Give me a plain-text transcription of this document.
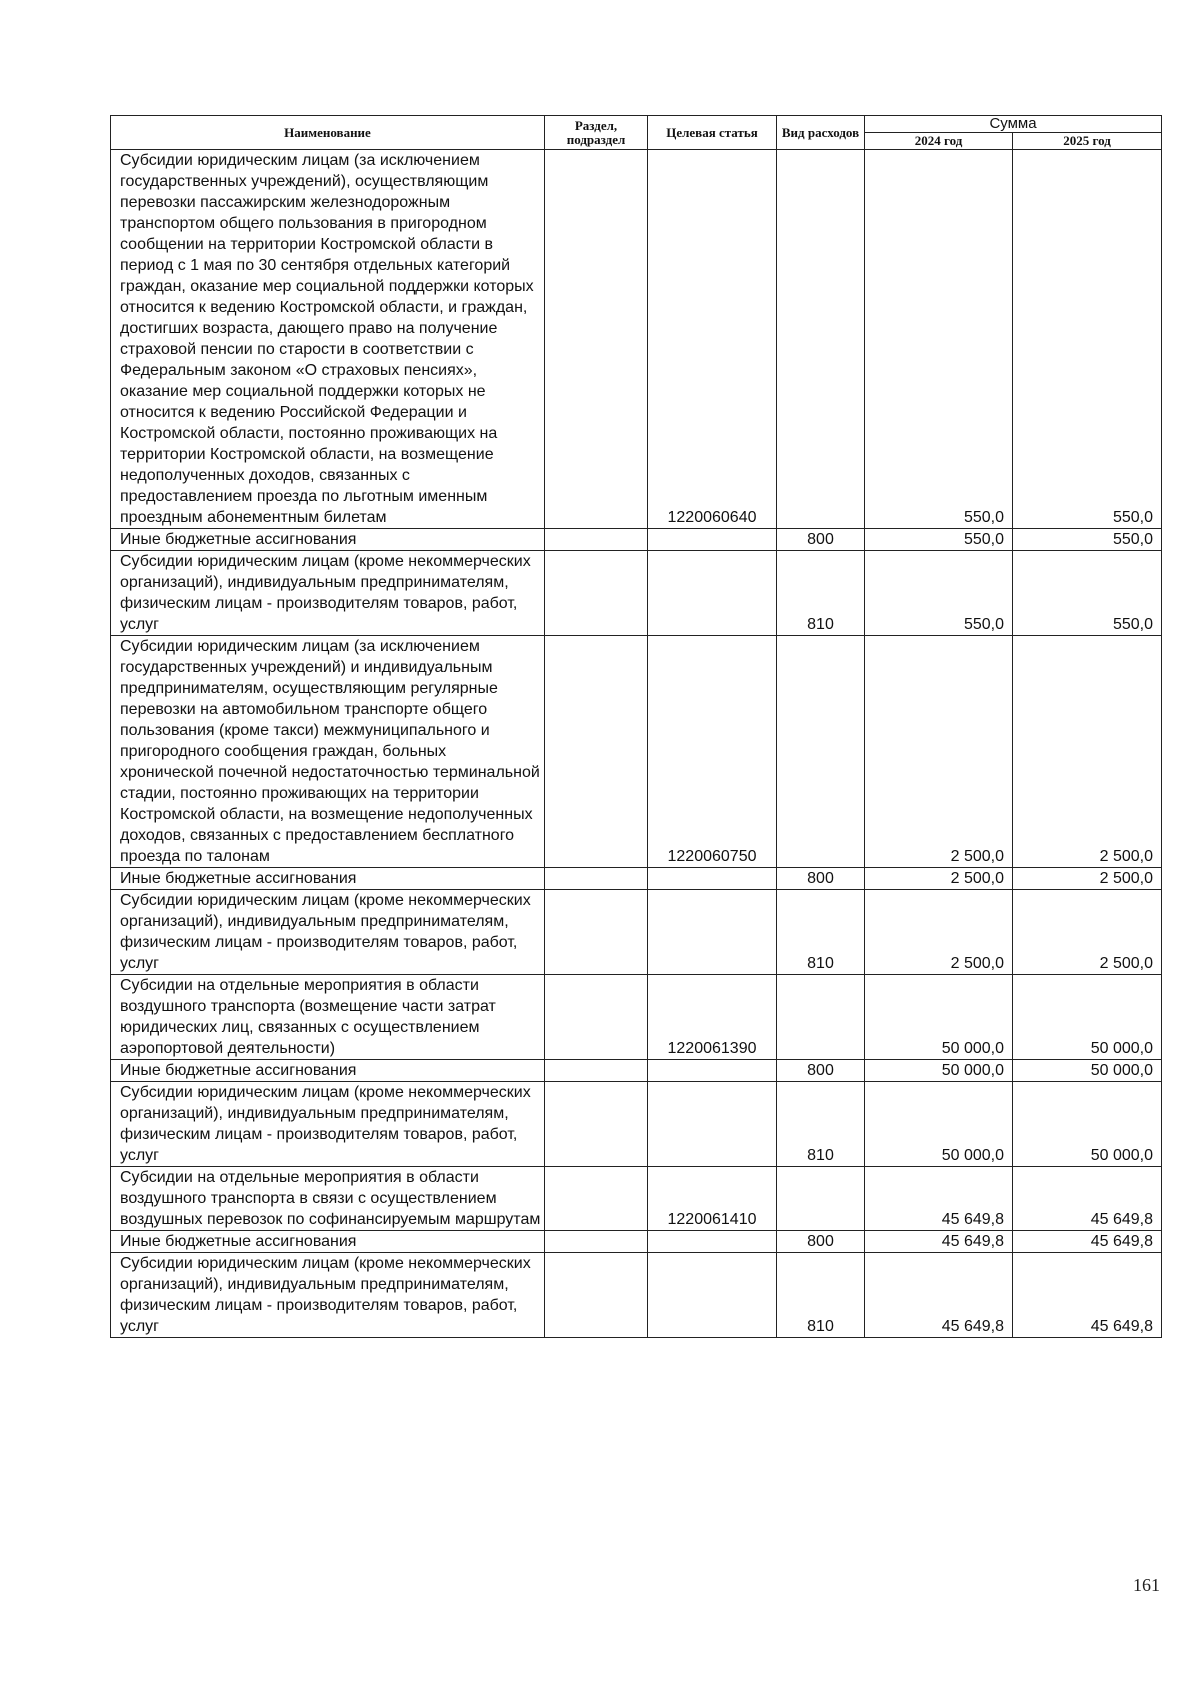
Наименование	Раздел, подраздел	Целевая статья	Вид расходов	Сумма	
				2024 год	2025 год
Субсидии юридическим лицам (за исключением государственных учреждений), осуществляющим перевозки пассажирским железнодорожным транспортом общего пользования в пригородном сообщении на территории Костромской области в период с 1 мая по 30 сентября отдельных категорий граждан, оказание мер социальной поддержки которых относится к ведению Костромской области, и граждан, достигших возраста, дающего право на получение страховой пенсии по старости в соответствии с Федеральным законом «О страховых пенсиях», оказание мер социальной поддержки которых не относится к ведению Российской Федерации и Костромской области, постоянно проживающих на территории Костромской области, на возмещение недополученных доходов, связанных с предоставлением проезда по льготным именным проездным абонементным билетам		1220060640		550,0	550,0
Иные бюджетные ассигнования			800	550,0	550,0
Субсидии юридическим лицам (кроме некоммерческих организаций), индивидуальным предпринимателям, физическим лицам - производителям товаров, работ, услуг			810	550,0	550,0
Субсидии юридическим лицам (за исключением государственных учреждений) и индивидуальным предпринимателям, осуществляющим регулярные перевозки на автомобильном транспорте общего пользования (кроме такси) межмуниципального и пригородного сообщения граждан, больных хронической почечной недостаточностью терминальной стадии, постоянно проживающих на территории Костромской области, на возмещение недополученных доходов, связанных с предоставлением бесплатного проезда по талонам		1220060750		2 500,0	2 500,0
Иные бюджетные ассигнования			800	2 500,0	2 500,0
Субсидии юридическим лицам (кроме некоммерческих организаций), индивидуальным предпринимателям, физическим лицам - производителям товаров, работ, услуг			810	2 500,0	2 500,0
Субсидии на отдельные мероприятия в области воздушного транспорта (возмещение части затрат юридических лиц, связанных с осуществлением аэропортовой деятельности)		1220061390		50 000,0	50 000,0
Иные бюджетные ассигнования			800	50 000,0	50 000,0
Субсидии юридическим лицам (кроме некоммерческих организаций), индивидуальным предпринимателям, физическим лицам - производителям товаров, работ, услуг			810	50 000,0	50 000,0
Субсидии на отдельные мероприятия в области воздушного транспорта в связи с осуществлением воздушных перевозок по софинансируемым маршрутам		1220061410		45 649,8	45 649,8
Иные бюджетные ассигнования			800	45 649,8	45 649,8
Субсидии юридическим лицам (кроме некоммерческих организаций), индивидуальным предпринимателям, физическим лицам - производителям товаров, работ, услуг			810	45 649,8	45 649,8
161
